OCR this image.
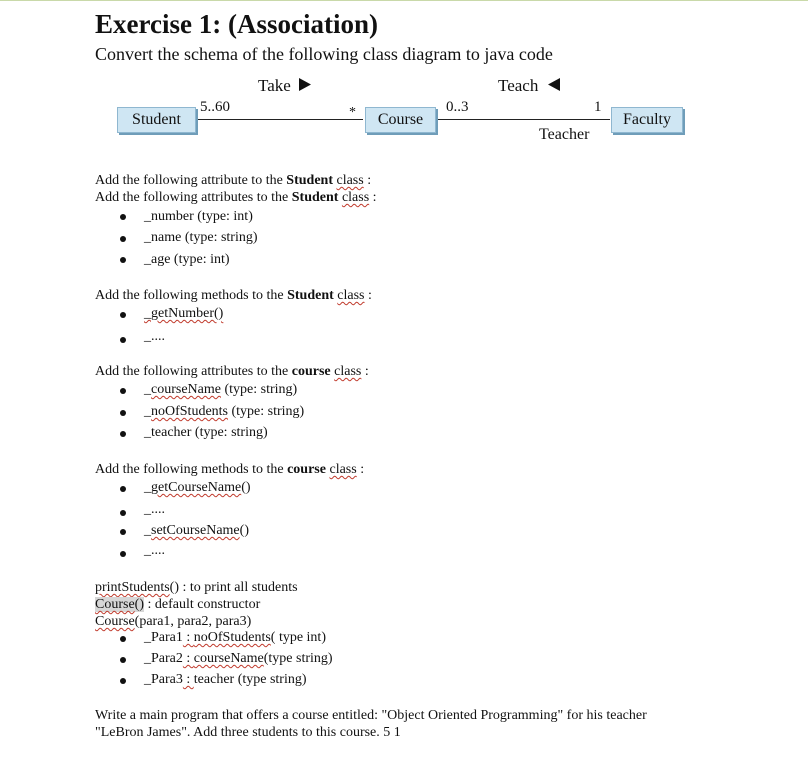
Exercise 1: (Association)
Convert the schema of the following class diagram to java code
Student	Course	Faculty
Take	Teach
5..60	*	0..3	1
Teacher
Add the following attribute to the Student class :
Add the following attributes to the Student class :
_number (type: int)
_name (type: string)
_age (type: int)
Add the following methods to the Student class :
_getNumber()
_....
Add the following attributes to the course class :
_courseName (type: string)
_noOfStudents (type: string)
_teacher (type: string)
Add the following methods to the course class :
_getCourseName()
_....
_setCourseName()
_....
printStudents() : to print all students
Course() : default constructor
Course(para1, para2, para3)
_Para1 : noOfStudents( type int)
_Para2 : courseName(type string)
_Para3 : teacher (type string)
Write a main program that offers a course entitled: "Object Oriented Programming" for his teacher
"LeBron James". Add three students to this course. 5 1
